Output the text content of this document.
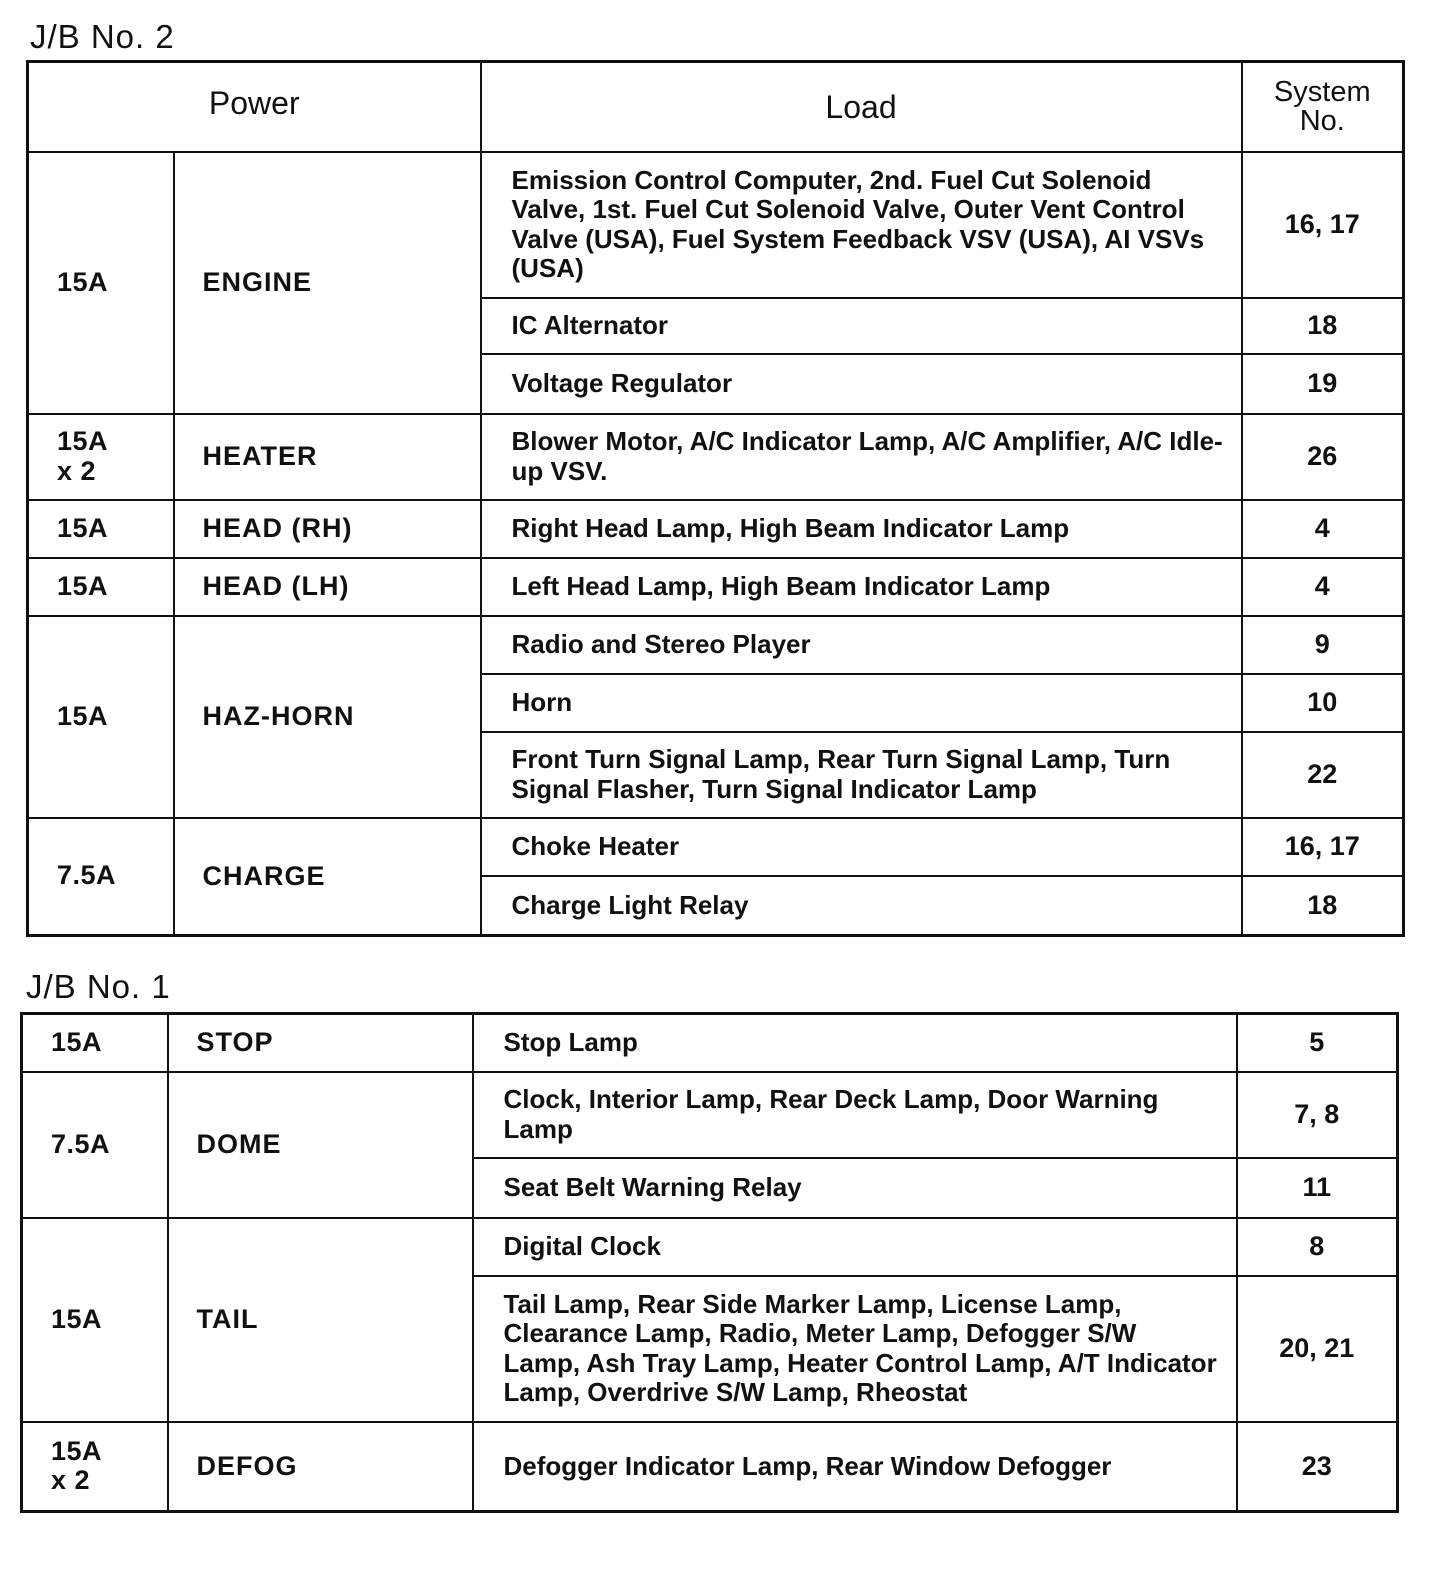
J/B No. 2
Power		Load	System
No.

15A	ENGINE	Emission Control Computer, 2nd. Fuel Cut Solenoid Valve, 1st. Fuel Cut Solenoid Valve, Outer Vent Control Valve (USA), Fuel System Feedback VSV (USA), AI VSVs (USA)	16, 17
		IC Alternator	18
		Voltage Regulator	19

15A
x 2	HEATER	Blower Motor, A/C Indicator Lamp, A/C Amplifier, A/C Idle-up VSV.	26

15A	HEAD (RH)	Right Head Lamp, High Beam Indicator Lamp	4

15A	HEAD (LH)	Left Head Lamp, High Beam Indicator Lamp	4

15A	HAZ-HORN	Radio and Stereo Player	9
		Horn	10
		Front Turn Signal Lamp, Rear Turn Signal Lamp, Turn Signal Flasher, Turn Signal Indicator Lamp	22

7.5A	CHARGE	Choke Heater	16, 17
		Charge Light Relay	18
J/B No. 1
15A	STOP	Stop Lamp	5

7.5A	DOME	Clock, Interior Lamp, Rear Deck Lamp, Door Warning Lamp	7, 8
		Seat Belt Warning Relay	11

15A	TAIL	Digital Clock	8
		Tail Lamp, Rear Side Marker Lamp, License Lamp, Clearance Lamp, Radio, Meter Lamp, Defogger S/W Lamp, Ash Tray Lamp, Heater Control Lamp, A/T Indicator Lamp, Overdrive S/W Lamp, Rheostat	20, 21

15A
x 2	DEFOG	Defogger Indicator Lamp, Rear Window Defogger	23
